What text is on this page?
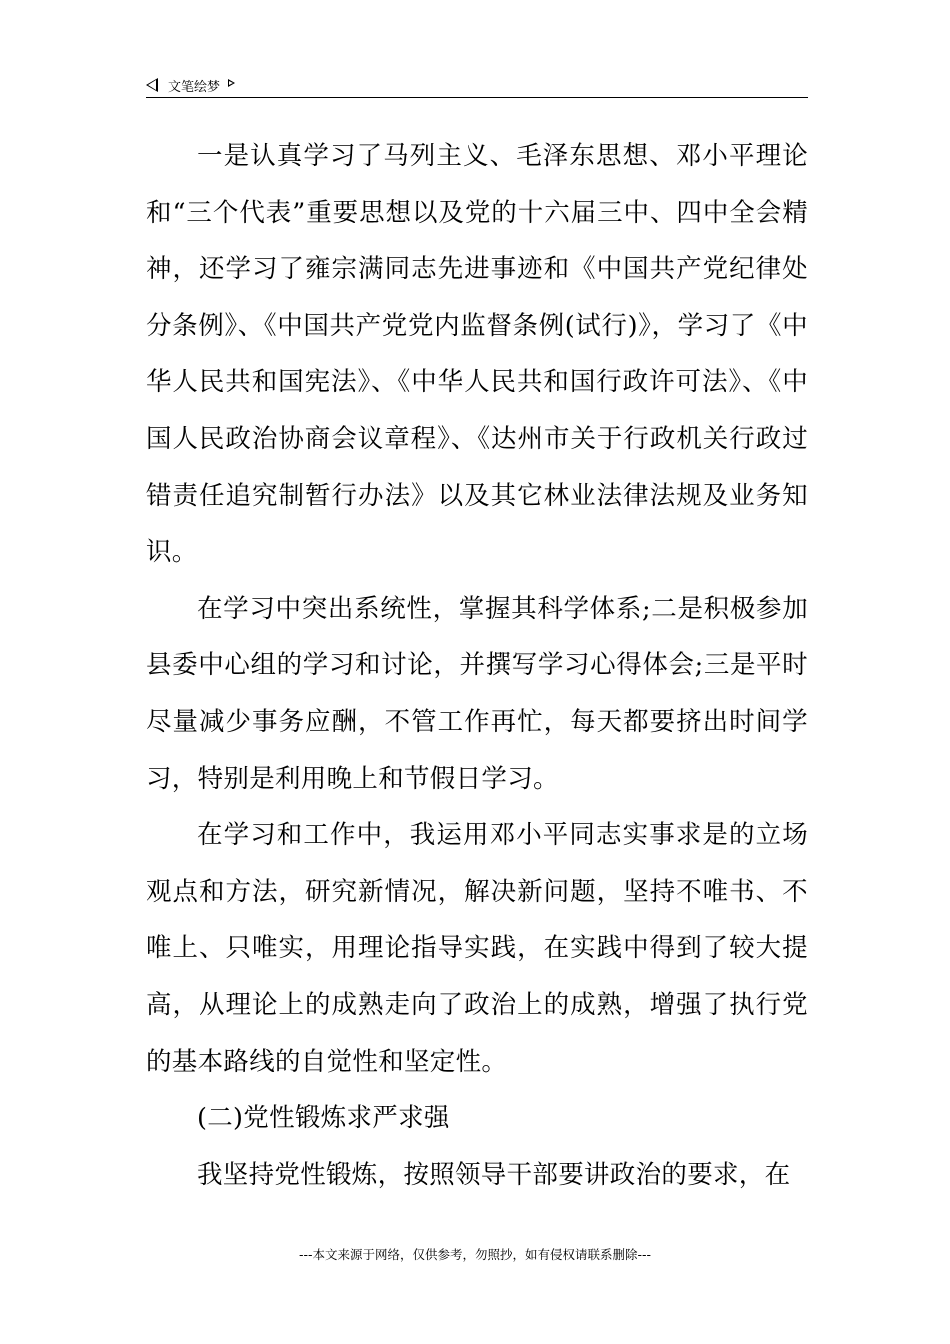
文笔绘梦

一是认真学习了马列主义、毛泽东思想、邓小平理论和“三个代表”重要思想以及党的十六届三中、四中全会精神，还学习了雍宗满同志先进事迹和《中国共产党纪律处分条例》、《中国共产党党内监督条例(试行)》，学习了《中华人民共和国宪法》、《中华人民共和国行政许可法》、《中国人民政治协商会议章程》、《达州市关于行政机关行政过错责任追究制暂行办法》以及其它林业法律法规及业务知识。

在学习中突出系统性，掌握其科学体系;二是积极参加县委中心组的学习和讨论，并撰写学习心得体会;三是平时尽量减少事务应酬，不管工作再忙，每天都要挤出时间学习，特别是利用晚上和节假日学习。

在学习和工作中，我运用邓小平同志实事求是的立场观点和方法，研究新情况，解决新问题，坚持不唯书、不唯上、只唯实，用理论指导实践，在实践中得到了较大提高，从理论上的成熟走向了政治上的成熟，增强了执行党的基本路线的自觉性和坚定性。

(二)党性锻炼求严求强

我坚持党性锻炼，按照领导干部要讲政治的要求，在

---本文来源于网络，仅供参考，勿照抄，如有侵权请联系删除---
